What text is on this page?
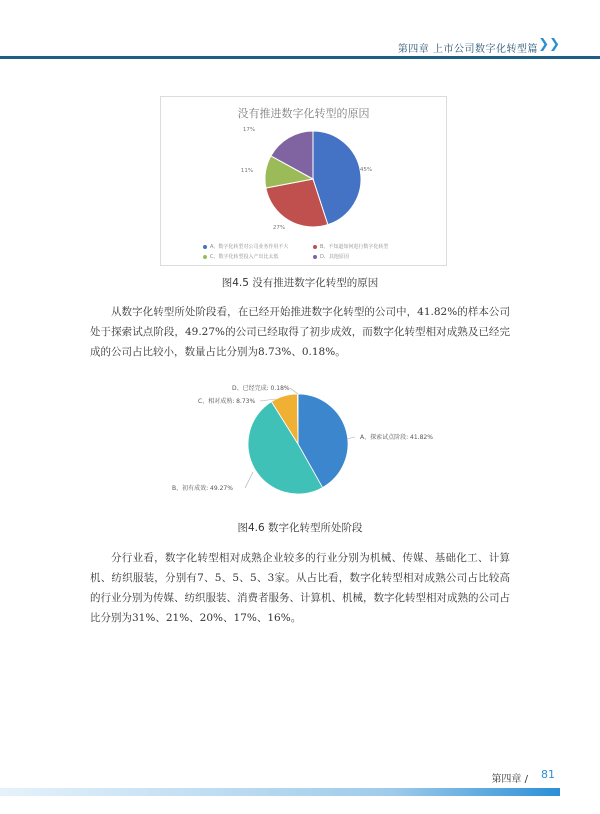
第四章 上市公司数字化转型篇 ❯❯
没有推进数字化转型的原因
45%
27%
11%
17%
A、数字化转型对公司业务作用不大	B、不知道如何进行数字化转型
C、数字化转型投入产出比太低	D、其他原因
图4.5 没有推进数字化转型的原因
从数字化转型所处阶段看，在已经开始推进数字化转型的公司中，41.82%的样本公司处于探索试点阶段，49.27%的公司已经取得了初步成效，而数字化转型相对成熟及已经完成的公司占比较小，数量占比分别为8.73%、0.18%。
A、探索试点阶段: 41.82%
B、初有成效: 49.27%
C、相对成熟: 8.73%
D、已经完成: 0.18%
图4.6 数字化转型所处阶段
分行业看，数字化转型相对成熟企业较多的行业分别为机械、传媒、基础化工、计算机、纺织服装，分别有7、5、5、5、3家。从占比看，数字化转型相对成熟公司占比较高的行业分别为传媒、纺织服装、消费者服务、计算机、机械，数字化转型相对成熟的公司占比分别为31%、21%、20%、17%、16%。
第四章 / 81
